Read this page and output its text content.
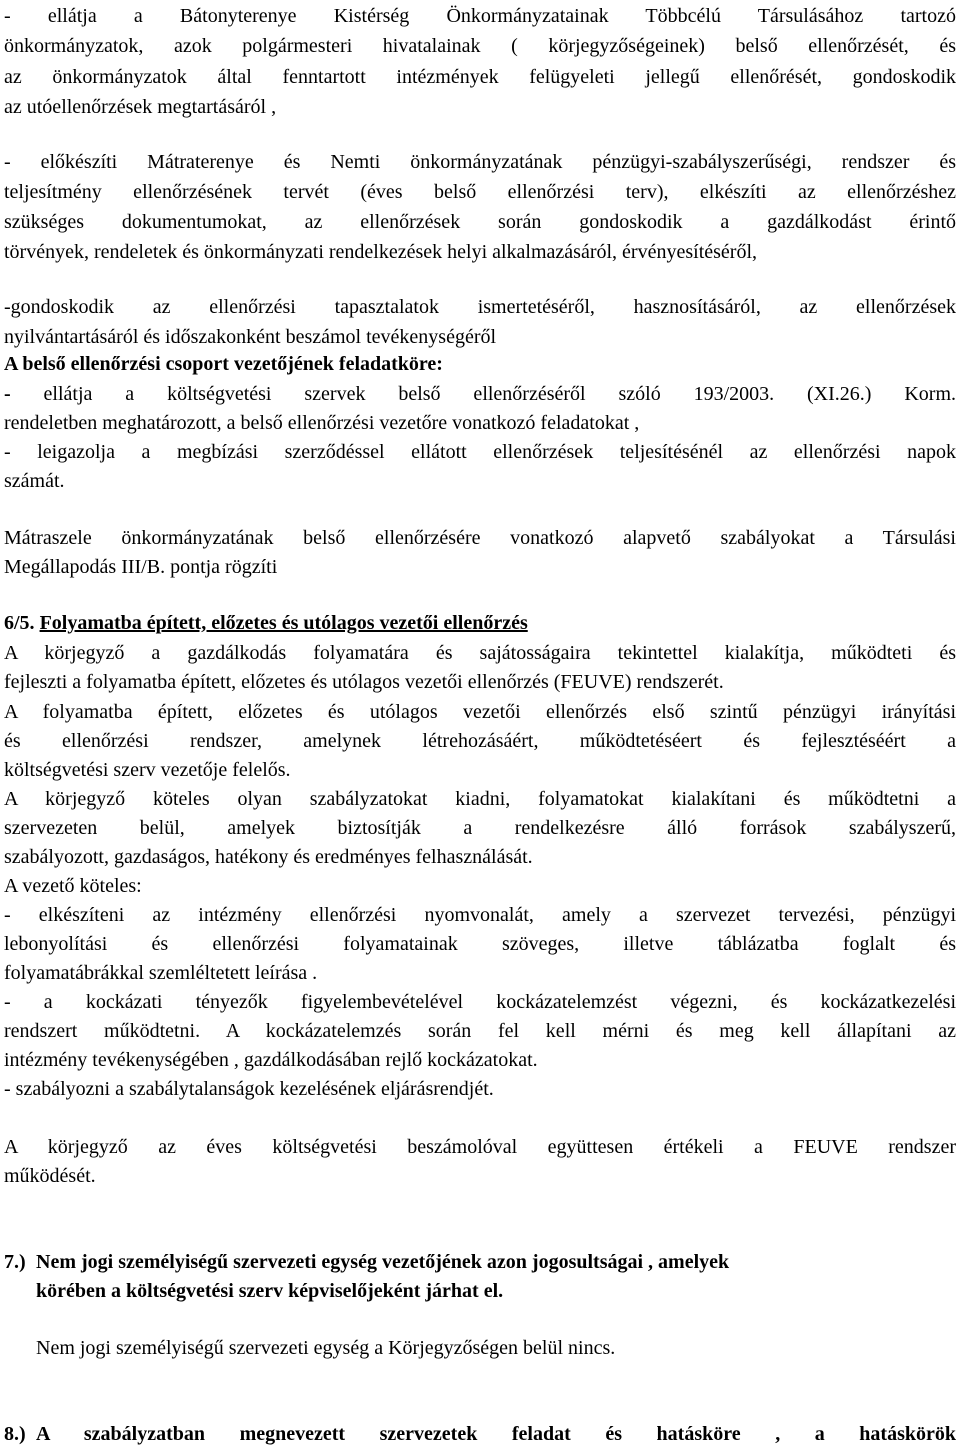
- ellátja a Bátonyterenye Kistérség Önkormányzatainak Többcélú Társulásához tartozó
önkormányzatok, azok polgármesteri hivatalainak ( körjegyzőségeinek) belső ellenőrzését, és
az önkormányzatok által fenntartott intézmények felügyeleti jellegű ellenőrését, gondoskodik
az utóellenőrzések megtartásáról ,
- előkészíti Mátraterenye és Nemti önkormányzatának pénzügyi-szabályszerűségi, rendszer és
teljesítmény ellenőrzésének tervét (éves belső ellenőrzési terv), elkészíti az ellenőrzéshez
szükséges dokumentumokat, az ellenőrzések során gondoskodik a gazdálkodást érintő
törvények, rendeletek és önkormányzati rendelkezések helyi alkalmazásáról, érvényesítéséről,
-gondoskodik az ellenőrzési tapasztalatok ismertetéséről, hasznosításáról, az ellenőrzések
nyilvántartásáról és időszakonként beszámol tevékenységéről
A belső ellenőrzési csoport vezetőjének feladatköre:
- ellátja a költségvetési szervek belső ellenőrzéséről szóló 193/2003. (XI.26.) Korm.
rendeletben meghatározott, a belső ellenőrzési vezetőre vonatkozó feladatokat ,
- leigazolja a megbízási szerződéssel ellátott ellenőrzések teljesítésénél az ellenőrzési napok
számát.
Mátraszele önkormányzatának belső ellenőrzésére vonatkozó alapvető szabályokat a Társulási
Megállapodás III/B. pontja rögzíti
6/5. Folyamatba épített, előzetes és utólagos vezetői ellenőrzés
A körjegyző a gazdálkodás folyamatára és sajátosságaira tekintettel kialakítja, működteti és
fejleszti a folyamatba épített, előzetes és utólagos vezetői ellenőrzés (FEUVE) rendszerét.
A folyamatba épített, előzetes és utólagos vezetői ellenőrzés első szintű pénzügyi irányítási
és ellenőrzési rendszer, amelynek létrehozásáért, működtetéséert és fejlesztéséért a
költségvetési szerv vezetője felelős.
A körjegyző köteles olyan szabályzatokat kiadni, folyamatokat kialakítani és működtetni a
szervezeten belül, amelyek biztosítják a rendelkezésre álló források szabályszerű,
szabályozott, gazdaságos, hatékony és eredményes felhasználását.
A vezető köteles:
- elkészíteni az intézmény ellenőrzési nyomvonalát, amely a szervezet tervezési, pénzügyi
lebonyolítási és ellenőrzési folyamatainak szöveges, illetve táblázatba foglalt és
folyamatábrákkal szemléltetett leírása .
- a kockázati tényezők figyelembevételével kockázatelemzést végezni, és kockázatkezelési
rendszert működtetni. A kockázatelemzés során fel kell mérni és meg kell állapítani az
intézmény tevékenységében , gazdálkodásában rejlő kockázatokat.
- szabályozni a szabálytalanságok kezelésének eljárásrendjét.
A körjegyző az éves költségvetési beszámolóval együttesen értékeli a FEUVE rendszer
működését.
7.) Nem jogi személyiségű szervezeti egység vezetőjének azon jogosultságai , amelyek
körében a költségvetési szerv képviselőjeként járhat el.
Nem jogi személyiségű szervezeti egység a Körjegyzőségen belül nincs.
8.) A szabályzatban megnevezett szervezetek feladat és hatásköre , a hatáskörök
